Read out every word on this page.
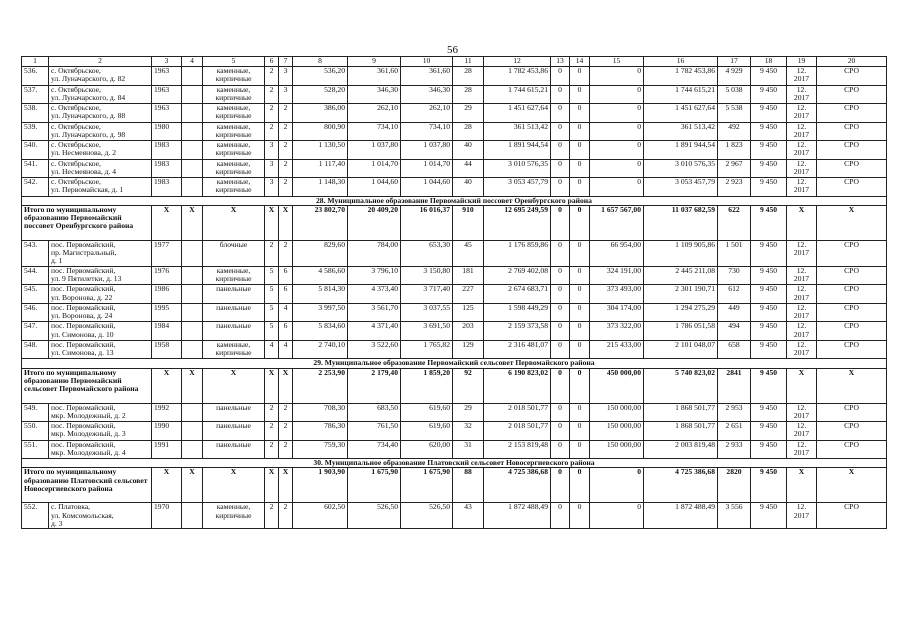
56
1	2	3	4	5	6	7	8	9	10	11	12	13	14	15	16	17	18	19	20
536.	с. Октябрьское,
ул. Луначарского, д. 82	1963		каменные,
кирпичные	2	3	536,20	361,60	361,60	28	1 782 453,86	0	0	0	1 782 453,86	4 929	9 450	12.
2017	СРО
537.	с. Октябрьское,
ул. Луначарского, д. 84	1963		каменные,
кирпичные	2	3	528,20	346,30	346,30	28	1 744 615,21	0	0	0	1 744 615,21	5 038	9 450	12.
2017	СРО
538.	с. Октябрьское,
ул. Луначарского, д. 88	1963		каменные,
кирпичные	2	2	386,00	262,10	262,10	29	1 451 627,64	0	0	0	1 451 627,64	5 538	9 450	12.
2017	СРО
539.	с. Октябрьское,
ул. Луначарского, д. 98	1980		каменные,
кирпичные	2	2	800,90	734,10	734,10	28	361 513,42	0	0	0	361 513,42	492	9 450	12.
2017	СРО
540.	с. Октябрьское,
ул. Несмеянова, д. 2	1983		каменные,
кирпичные	3	2	1 130,50	1 037,80	1 037,80	40	1 891 944,54	0	0	0	1 891 944,54	1 823	9 450	12.
2017	СРО
541.	с. Октябрьское,
ул. Несмеянова, д. 4	1983		каменные,
кирпичные	3	2	1 117,40	1 014,70	1 014,70	44	3 010 576,35	0	0	0	3 010 576,35	2 967	9 450	12.
2017	СРО
542.	с. Октябрьское,
ул. Первомайская, д. 1	1983		каменные,
кирпичные	3	2	1 148,30	1 044,60	1 044,60	40	3 053 457,79	0	0	0	3 053 457,79	2 923	9 450	12.
2017	СРО
28. Муниципальное образование Первомайский поссовет Оренбургского района																			
Итого по муниципальному образованию Первомайский поссовет Оренбургского района		X	X	X	X	X	23 802,70	20 409,20	16 016,37	910	12 695 249,59	0	0	1 657 567,00	11 037 682,59	622	9 450	X	X
543.	пос. Первомайский,
пр. Магистральный,
д. 1	1977		блочные	2	2	829,60	784,00	653,30	45	1 176 859,86	0	0	66 954,00	1 109 905,86	1 501	9 450	12.
2017	СРО
544.	пос. Первомайский,
ул. 9 Пятилетки, д. 13	1976		каменные,
кирпичные	5	6	4 586,60	3 796,10	3 150,80	181	2 769 402,08	0	0	324 191,00	2 445 211,08	730	9 450	12.
2017	СРО
545.	пос. Первомайский,
ул. Воронова, д. 22	1986		панельные	5	6	5 814,30	4 373,40	3 717,40	227	2 674 683,71	0	0	373 493,00	2 301 190,71	612	9 450	12.
2017	СРО
546.	пос. Первомайский,
ул. Воронова, д. 24	1995		панельные	5	4	3 997,50	3 561,70	3 037,55	125	1 598 449,29	0	0	304 174,00	1 294 275,29	449	9 450	12.
2017	СРО
547.	пос. Первомайский,
ул. Симонова, д. 10	1984		панельные	5	6	5 834,60	4 371,40	3 691,50	203	2 159 373,58	0	0	373 322,00	1 786 051,58	494	9 450	12.
2017	СРО
548.	пос. Первомайский,
ул. Симонова, д. 13	1958		каменные,
кирпичные	4	4	2 740,10	3 522,60	1 765,82	129	2 316 481,07	0	0	215 433,00	2 101 048,07	658	9 450	12.
2017	СРО
29. Муниципальное образование Первомайский сельсовет Первомайского района																			
Итого по муниципальному образованию Первомайский сельсовет Первомайского района		X	X	X	X	X	2 253,90	2 179,40	1 859,20	92	6 190 823,02	0	0	450 000,00	5 740 823,02	2841	9 450	X	X
549.	пос. Первомайский,
мкр. Молодежный, д. 2	1992		панельные	2	2	708,30	683,50	619,60	29	2 018 501,77	0	0	150 000,00	1 868 501,77	2 953	9 450	12.
2017	СРО
550.	пос. Первомайский,
мкр. Молодежный, д. 3	1990		панельные	2	2	786,30	761,50	619,60	32	2 018 501,77	0	0	150 000,00	1 868 501,77	2 651	9 450	12.
2017	СРО
551.	пос. Первомайский,
мкр. Молодежный, д. 4	1991		панельные	2	2	759,30	734,40	620,00	31	2 153 819,48	0	0	150 000,00	2 003 819,48	2 933	9 450	12.
2017	СРО
30. Муниципальное образование Платовский сельсовет Новосергиевского района																			
Итого по муниципальному образованию Платовский сельсовет Новосергиевского района		X	X	X	X	X	1 903,90	1 675,90	1 675,90	88	4 725 386,68	0	0	0	4 725 386,68	2820	9 450	X	X
552.	с. Платовка,
ул. Комсомольская,
д. 3	1970		каменные,
кирпичные	2	2	602,50	526,50	526,50	43	1 872 488,49	0	0	0	1 872 488,49	3 556	9 450	12.
2017	СРО
